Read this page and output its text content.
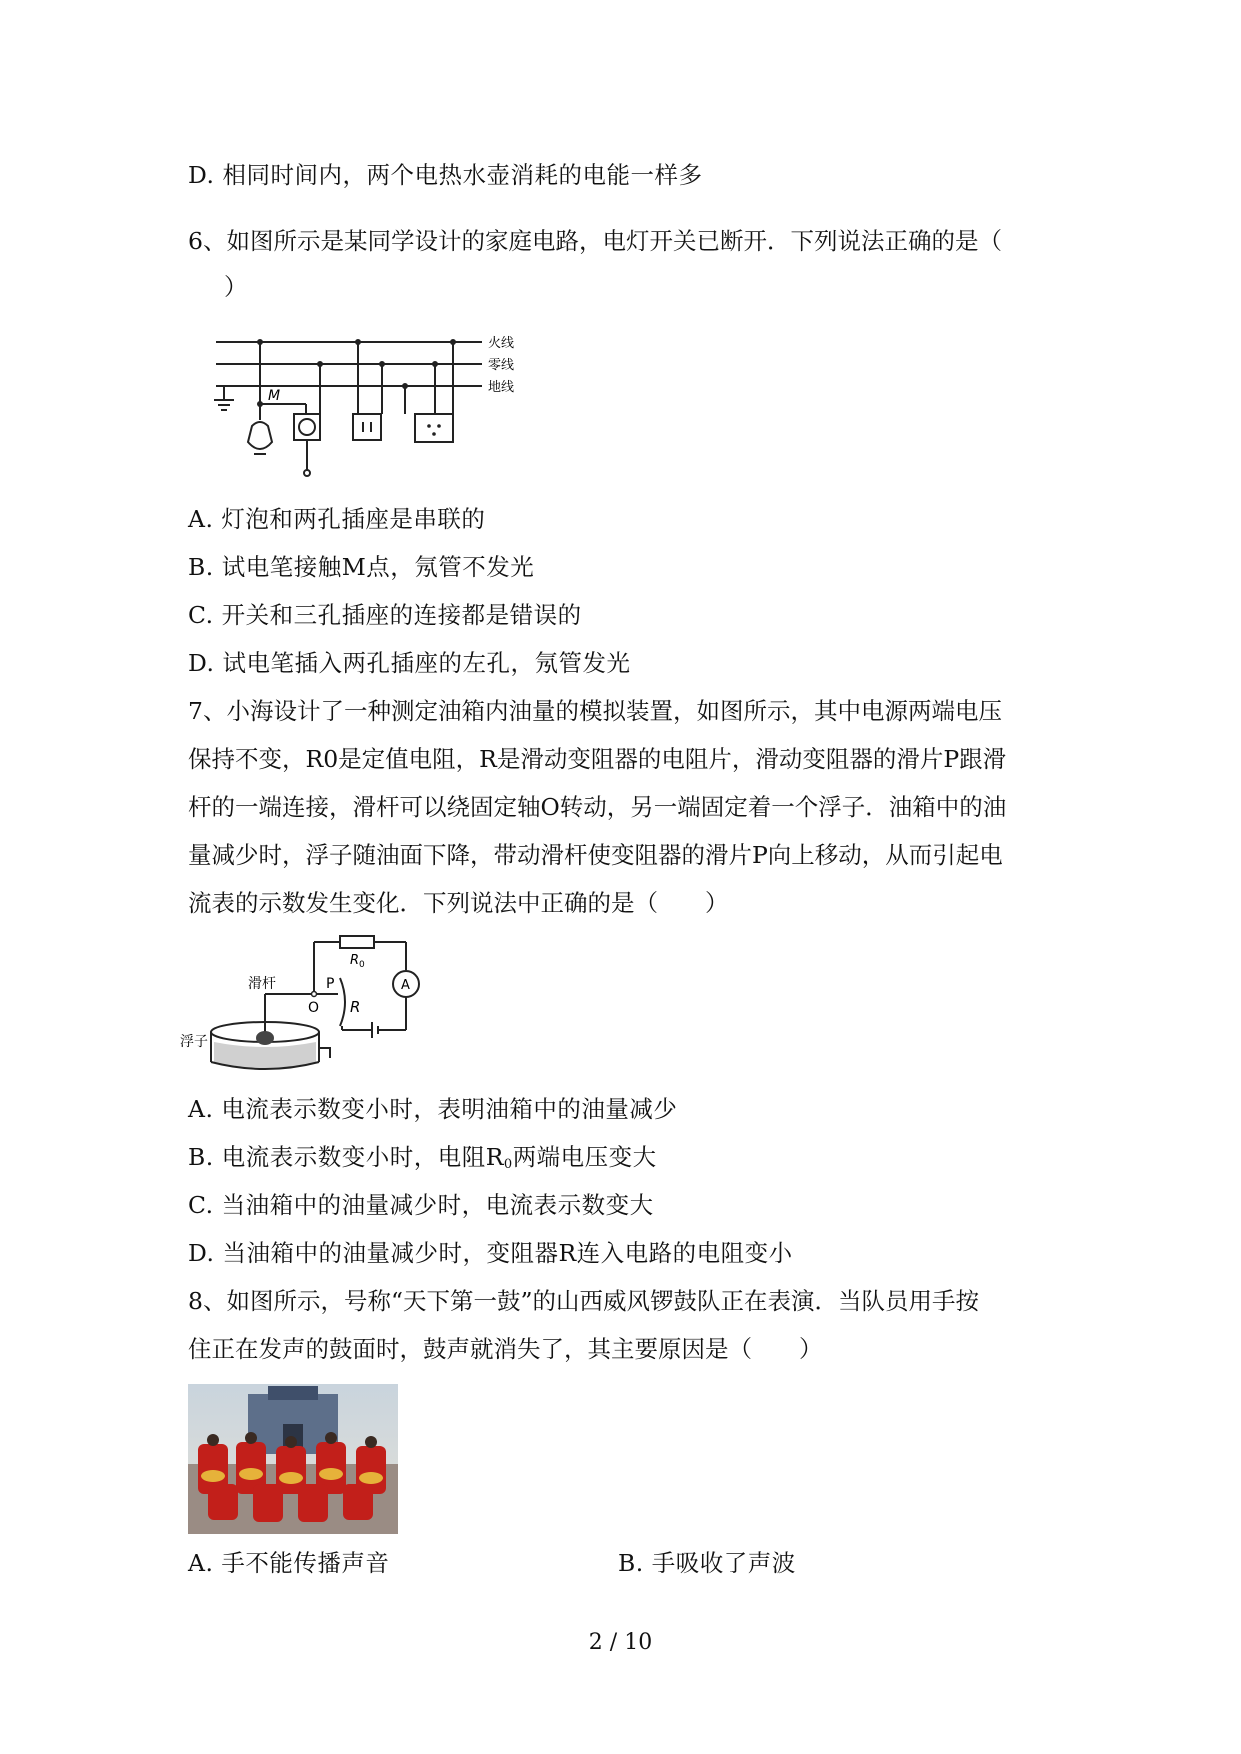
D. 相同时间内，两个电热水壶消耗的电能一样多
6、如图所示是某同学设计的家庭电路，电灯开关已断开．下列说法正确的是（
）
火线
零线
地线
M
A. 灯泡和两孔插座是串联的
B. 试电笔接触M点，氖管不发光
C. 开关和三孔插座的连接都是错误的
D. 试电笔插入两孔插座的左孔，氖管发光
7、小海设计了一种测定油箱内油量的模拟装置，如图所示，其中电源两端电压
保持不变，R0是定值电阻，R是滑动变阻器的电阻片，滑动变阻器的滑片P跟滑
杆的一端连接，滑杆可以绕固定轴O转动，另一端固定着一个浮子．油箱中的油
量减少时，浮子随油面下降，带动滑杆使变阻器的滑片P向上移动，从而引起电
流表的示数发生变化．下列说法中正确的是（　　）
R 0
A
滑杆	P
O R
浮子
A. 电流表示数变小时，表明油箱中的油量减少
B. 电流表示数变小时，电阻$R_0$两端电压变大
C. 当油箱中的油量减少时，电流表示数变大
D. 当油箱中的油量减少时，变阻器R连入电路的电阻变小
8、如图所示，号称“天下第一鼓”的山西威风锣鼓队正在表演．当队员用手按
住正在发声的鼓面时，鼓声就消失了，其主要原因是（　　）
A. 手不能传播声音	B. 手吸收了声波
2 / 10
